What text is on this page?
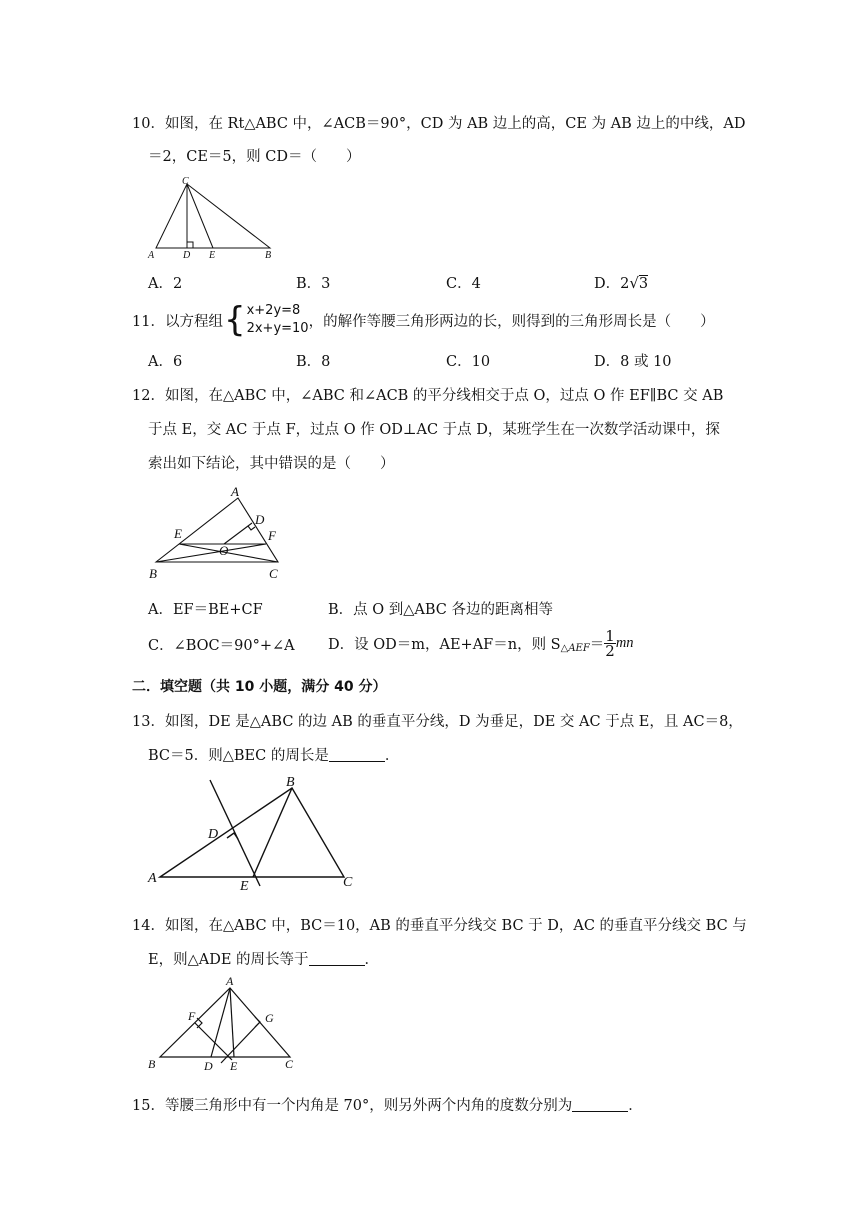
10．如图，在 Rt△ABC 中，∠ACB＝90°，CD 为 AB 边上的高，CE 为 AB 边上的中线，AD
＝2，CE＝5，则 CD＝（　　）
C
A	D E	B
A．2	B．3	C．4	D．2√3
11．以方程组 { x+2y=8
2x+y=10 ，的解作等腰三角形两边的长，则得到的三角形周长是（　　）
A．6	B．8	C．10	D．8 或 10
12．如图，在△ABC 中，∠ABC 和∠ACB 的平分线相交于点 O，过点 O 作 EF∥BC 交 AB
于点 E，交 AC 于点 F，过点 O 作 OD⊥AC 于点 D，某班学生在一次数学活动课中，探
索出如下结论，其中错误的是（　　）
A
D
E	F
O
B	C
A．EF＝BE+CF	B．点 O 到△ABC 各边的距离相等
C．∠BOC＝90°+∠A D．设 OD＝m，AE+AF＝n，则 S △AEF ＝ $\frac{1}{2}$ mn
二．填空题（共 10 小题，满分 40 分）
13．如图，DE 是△ABC 的边 AB 的垂直平分线，D 为垂足，DE 交 AC 于点 E，且 AC＝8，
BC＝5．则△BEC 的周长是	．
B
D
A
E	C
14．如图，在△ABC 中，BC＝10，AB 的垂直平分线交 BC 于 D，AC 的垂直平分线交 BC 与
E，则△ADE 的周长等于	．
A
F	G
B	D E	C
15．等腰三角形中有一个内角是 70°，则另外两个内角的度数分别为	．
